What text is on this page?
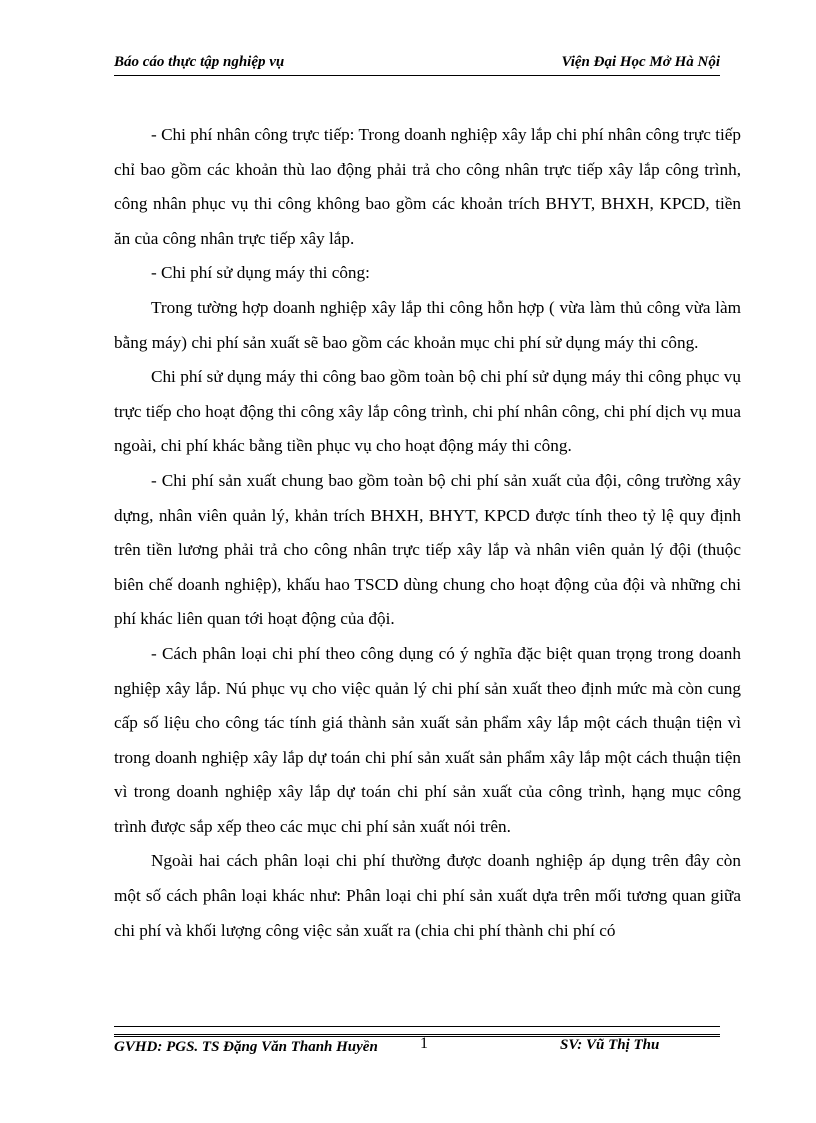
Báo cáo thực tập nghiệp vụ	Viện Đại Học Mở Hà Nội

- Chi phí nhân công trực tiếp: Trong doanh nghiệp xây lắp chi phí nhân công trực tiếp chỉ bao gồm các khoản thù lao động phải trả cho công nhân trực tiếp xây lắp công trình, công nhân phục vụ thi công không bao gồm các khoản trích BHYT, BHXH, KPCD, tiền ăn của công nhân trực tiếp xây lắp.

- Chi phí sử dụng máy thi công:

Trong tường hợp doanh nghiệp xây lắp thi công hỗn hợp ( vừa làm thủ công vừa làm bằng máy) chi phí sản xuất sẽ bao gồm các khoản mục chi phí sử dụng máy thi công.

Chi phí sử dụng máy thi công bao gồm toàn bộ chi phí sử dụng máy thi công phục vụ trực tiếp cho hoạt động thi công xây lắp công trình, chi phí nhân công, chi phí dịch vụ mua ngoài, chi phí khác bằng tiền phục vụ cho hoạt động máy thi công.

- Chi phí sản xuất chung bao gồm toàn bộ chi phí sản xuất của đội, công trường xây dựng, nhân viên quản lý, khản trích BHXH, BHYT, KPCD được tính theo tỷ lệ quy định trên tiền lương phải trả cho công nhân trực tiếp xây lắp và nhân viên quản lý đội (thuộc biên chế doanh nghiệp), khấu hao TSCD dùng chung cho hoạt động của đội và những chi phí khác liên quan tới hoạt động của đội.

- Cách phân loại chi phí theo công dụng có ý nghĩa đặc biệt quan trọng trong doanh nghiệp xây lắp. Nú phục vụ cho việc quản lý chi phí sản xuất theo định mức mà còn cung cấp số liệu cho công tác tính giá thành sản xuất sản phẩm xây lắp một cách thuận tiện vì trong doanh nghiệp xây lắp dự toán chi phí sản xuất sản phẩm xây lắp một cách thuận tiện vì trong doanh nghiệp xây lắp dự toán chi phí sản xuất của công trình, hạng mục công trình được sắp xếp theo các mục chi phí sản xuất nói trên.

Ngoài hai cách phân loại chi phí thường được doanh nghiệp áp dụng trên đây còn một số cách phân loại khác như: Phân loại chi phí sản xuất dựa trên mối tương quan giữa chi phí và khối lượng công việc sản xuất ra (chia chi phí thành chi phí có

GVHD: PGS. TS Đặng Văn Thanh Huyền	1	SV: Vũ Thị Thu
